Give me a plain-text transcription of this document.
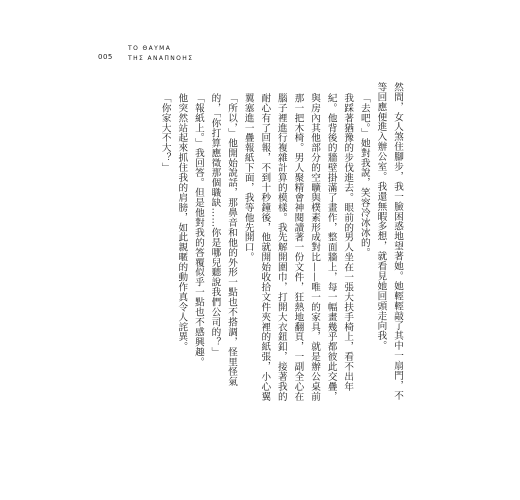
005
ΤΟ ΘΑΥΜΑ
ΤΗΣ ΑΝΑΠΝΟΗΣ

然間，女人煞住腳步，我一臉困惑地望著她。她輕輕敲了其中一扇門，不等回應便進入辦公室。我還無暇多想，就看見她回頭走向我。

「去吧。」她對我說，笑容冷冰冰的。

我踩著猶豫的步伐進去。眼前的男人坐在一張大扶手椅上，看不出年紀。他背後的牆壁掛滿了畫作，整面牆上，每一幅畫幾乎都彼此交疊，與房內其他部分的空曠與樸素形成對比——唯一的家具，就是辦公桌前那一把木椅。男人聚精會神閱讀著一份文件，狂熱地翻頁，一副全心在腦子裡進行複雜計算的模樣。我先解開圍巾，打開大衣鈕釦，接著我的耐心有了回報，不到十秒鐘後，他就開始收拾文件夾裡的紙張，小心翼翼塞進一疊報紙下面，我等他先開口。

「所以，」他開始說話，那鼻音和他的外形一點也不搭調，怪里怪氣的，「你打算應徵那個職缺……你是哪兒聽說我們公司的？」

「報紙上。」我回答。但是他對我的答覆似乎一點也不感興趣。

他突然站起來抓住我的肩膀，如此親暱的動作真令人詫異。

「你家大不大？」
